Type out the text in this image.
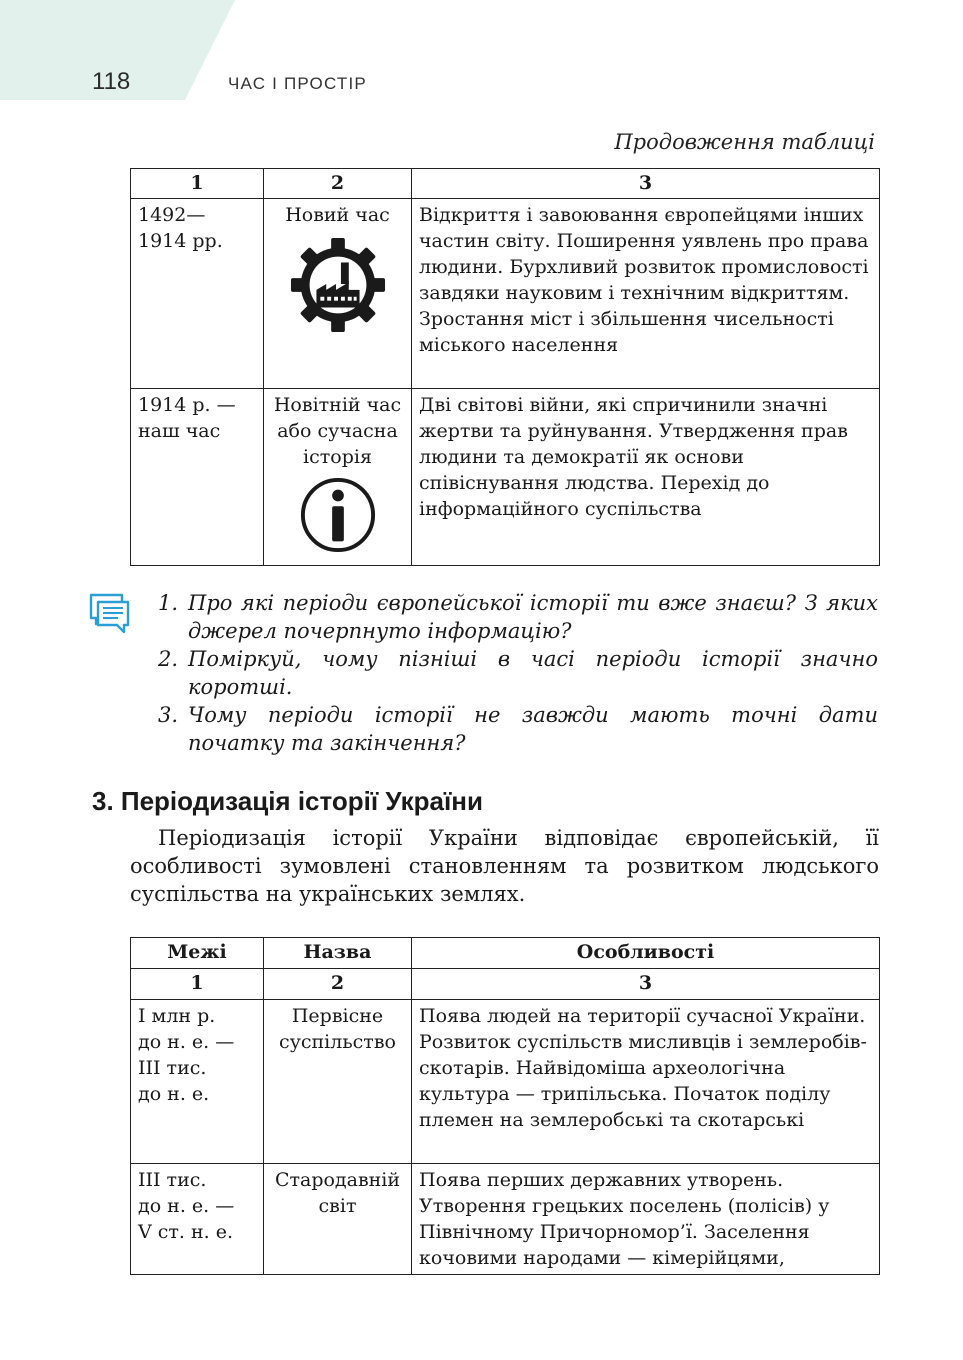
118	ЧАС І ПРОСТІР
Продовження таблиці
1	2	3
1492—
1914 рр.	Новий час	Відкриття і завоювання європейцями інших частин світу. Поширення уявлень про права людини. Бурхливий розвиток промисловості завдяки науковим і технічним відкриттям. Зростання міст і збільшення чисельності міського населення
1914 р. —
наш час	Новітній час або сучасна історія	Дві світові війни, які спричинили значні жертви та руйнування. Утвердження прав людини та демократії як основи співіснування людства. Перехід до інформаційного суспільства
1. Про які періоди європейської історії ти вже знаєш? З яких джерел почерпнуто інформацію?
2. Поміркуй, чому пізніші в часі періоди історії значно коротші.
3. Чому періоди історії не завжди мають точні дати початку та закінчення?
3. Періодизація історії України
Періодизація історії України відповідає європейській, її особливості зумовлені становленням та розвитком людського суспільства на українських землях.
Межі	Назва	Особливості
1	2	3
І млн р.
до н. е. —
ІІІ тис.
до н. е.	Первісне суспільство	Поява людей на території сучасної України. Розвиток суспільств мисливців і землеробів-скотарів. Найвідоміша археологічна культура — трипільська. Початок поділу племен на землеробські та скотарські
ІІІ тис.
до н. е. —
V ст. н. е.	Стародавній світ	Поява перших державних утворень. Утворення грецьких поселень (полісів) у Північному Причорномор’ї. Заселення кочовими народами — кімерійцями,
